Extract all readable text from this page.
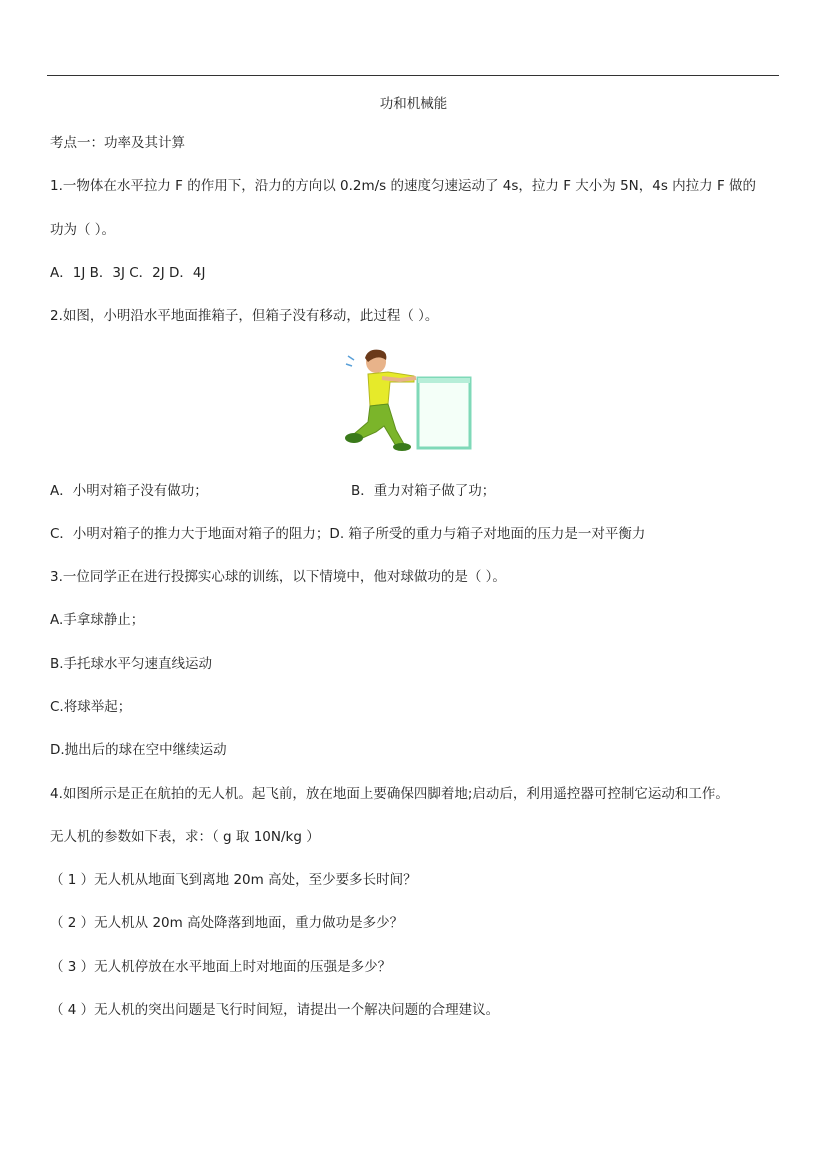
功和机械能
考点一：功率及其计算
1.一物体在水平拉力 F 的作用下，沿力的方向以 0.2m/s 的速度匀速运动了 4s，拉力 F 大小为 5N，4s 内拉力 F 做的
功为（ ）。
A．1J B．3J C．2J D．4J
2.如图，小明沿水平地面推箱子，但箱子没有移动，此过程（ ）。
A．小明对箱子没有做功；	B．重力对箱子做了功；
C．小明对箱子的推力大于地面对箱子的阻力；D. 箱子所受的重力与箱子对地面的压力是一对平衡力
3.一位同学正在进行投掷实心球的训练，以下情境中，他对球做功的是（ ）。
A.手拿球静止；
B.手托球水平匀速直线运动
C.将球举起；
D.抛出后的球在空中继续运动
4.如图所示是正在航拍的无人机。起飞前，放在地面上要确保四脚着地;启动后，利用遥控器可控制它运动和工作。
无人机的参数如下表，求：（ g 取 10N/kg ）
（ 1 ）无人机从地面飞到离地 20m 高处，至少要多长时间？
（ 2 ）无人机从 20m 高处降落到地面，重力做功是多少？
（ 3 ）无人机停放在水平地面上时对地面的压强是多少？
（ 4 ）无人机的突出问题是飞行时间短，请提出一个解决问题的合理建议。
